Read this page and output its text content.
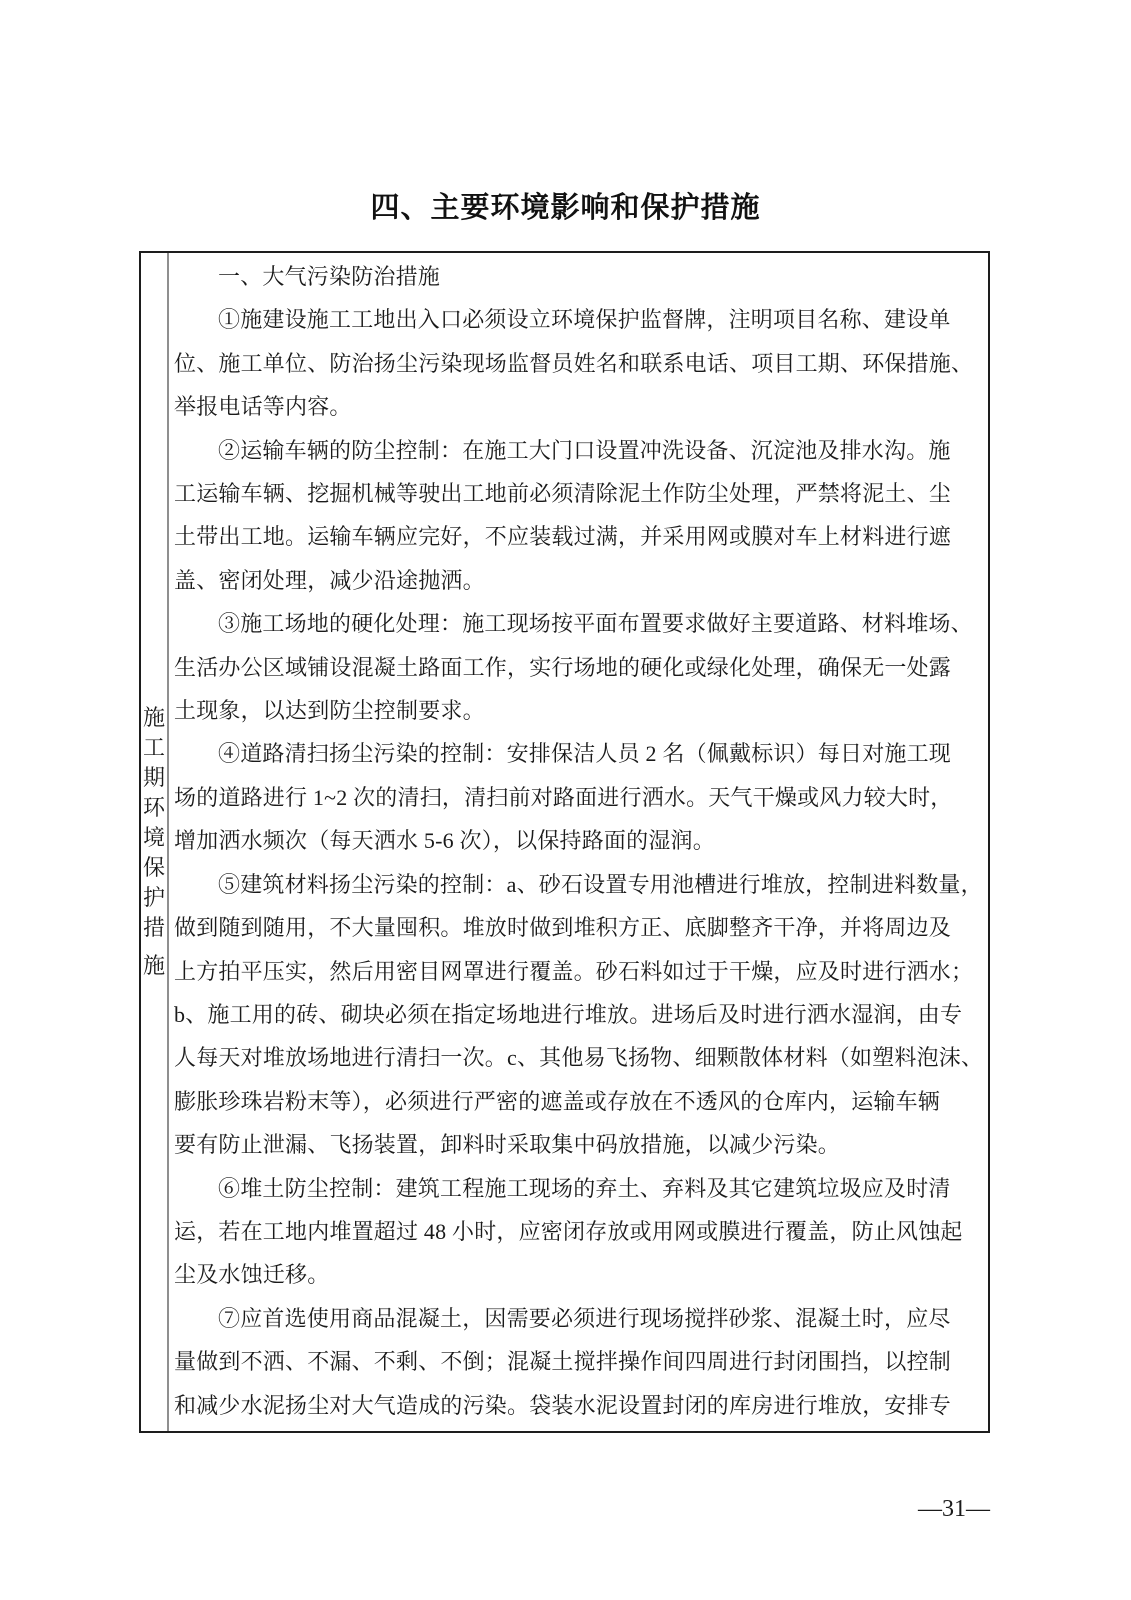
四、主要环境影响和保护措施
施
工
期
环
境
保
护
措
施
一、大气污染防治措施
①施建设施工工地出入口必须设立环境保护监督牌，注明项目名称、建设单
位、施工单位、防治扬尘污染现场监督员姓名和联系电话、项目工期、环保措施、
举报电话等内容。
②运输车辆的防尘控制：在施工大门口设置冲洗设备、沉淀池及排水沟。施
工运输车辆、挖掘机械等驶出工地前必须清除泥土作防尘处理，严禁将泥土、尘
土带出工地。运输车辆应完好，不应装载过满，并采用网或膜对车上材料进行遮
盖、密闭处理，减少沿途抛洒。
③施工场地的硬化处理：施工现场按平面布置要求做好主要道路、材料堆场、
生活办公区域铺设混凝土路面工作，实行场地的硬化或绿化处理，确保无一处露
土现象，以达到防尘控制要求。
④道路清扫扬尘污染的控制：安排保洁人员 2 名（佩戴标识）每日对施工现
场的道路进行 1~2 次的清扫，清扫前对路面进行洒水。天气干燥或风力较大时，
增加洒水频次（每天洒水 5-6 次），以保持路面的湿润。
⑤建筑材料扬尘污染的控制：a、砂石设置专用池槽进行堆放，控制进料数量，
做到随到随用，不大量囤积。堆放时做到堆积方正、底脚整齐干净，并将周边及
上方拍平压实，然后用密目网罩进行覆盖。砂石料如过于干燥，应及时进行洒水；
b、施工用的砖、砌块必须在指定场地进行堆放。进场后及时进行洒水湿润，由专
人每天对堆放场地进行清扫一次。c、其他易飞扬物、细颗散体材料（如塑料泡沫、
膨胀珍珠岩粉末等），必须进行严密的遮盖或存放在不透风的仓库内，运输车辆
要有防止泄漏、飞扬装置，卸料时采取集中码放措施，以减少污染。
⑥堆土防尘控制：建筑工程施工现场的弃土、弃料及其它建筑垃圾应及时清
运，若在工地内堆置超过 48 小时，应密闭存放或用网或膜进行覆盖，防止风蚀起
尘及水蚀迁移。
⑦应首选使用商品混凝土，因需要必须进行现场搅拌砂浆、混凝土时，应尽
量做到不洒、不漏、不剩、不倒；混凝土搅拌操作间四周进行封闭围挡，以控制
和减少水泥扬尘对大气造成的污染。袋装水泥设置封闭的库房进行堆放，安排专
—31—
